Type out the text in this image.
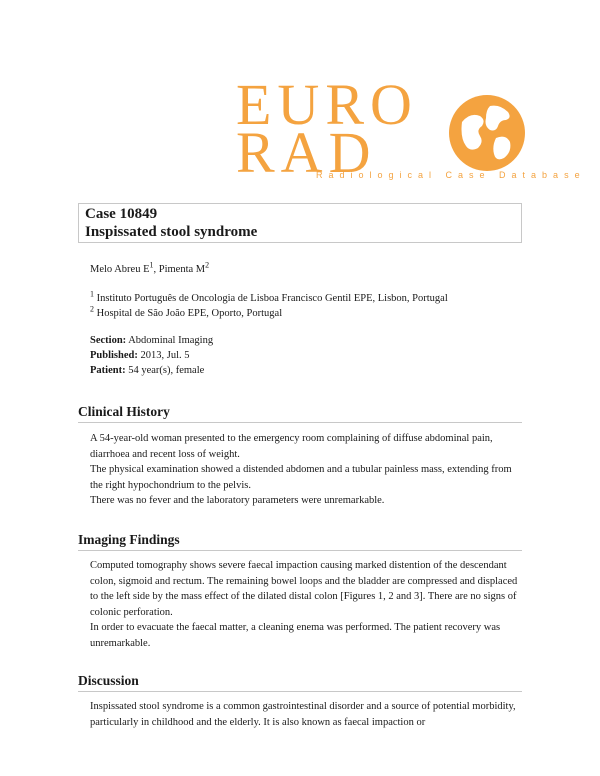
EURO
RAD
Radiological Case Database
Case 10849
Inspissated stool syndrome
Melo Abreu $E^1$, Pimenta $M^2$
$^1$ Instituto Português de Oncologia de Lisboa Francisco Gentil EPE, Lisbon, Portugal
$^2$ Hospital de São João EPE, Oporto, Portugal
Section: Abdominal Imaging
Published: 2013, Jul. 5
Patient: 54 year(s), female
Clinical History

A 54-year-old woman presented to the emergency room complaining of diffuse abdominal pain, diarrhoea and recent loss of weight.

The physical examination showed a distended abdomen and a tubular painless mass, extending from the right hypochondrium to the pelvis.

There was no fever and the laboratory parameters were unremarkable.

Imaging Findings

Computed tomography shows severe faecal impaction causing marked distention of the descendant colon, sigmoid and rectum. The remaining bowel loops and the bladder are compressed and displaced to the left side by the mass effect of the dilated distal colon [Figures 1, 2 and 3]. There are no signs of colonic perforation.

In order to evacuate the faecal matter, a cleaning enema was performed. The patient recovery was unremarkable.

Discussion

Inspissated stool syndrome is a common gastrointestinal disorder and a source of potential morbidity, particularly in childhood and the elderly. It is also known as faecal impaction or
